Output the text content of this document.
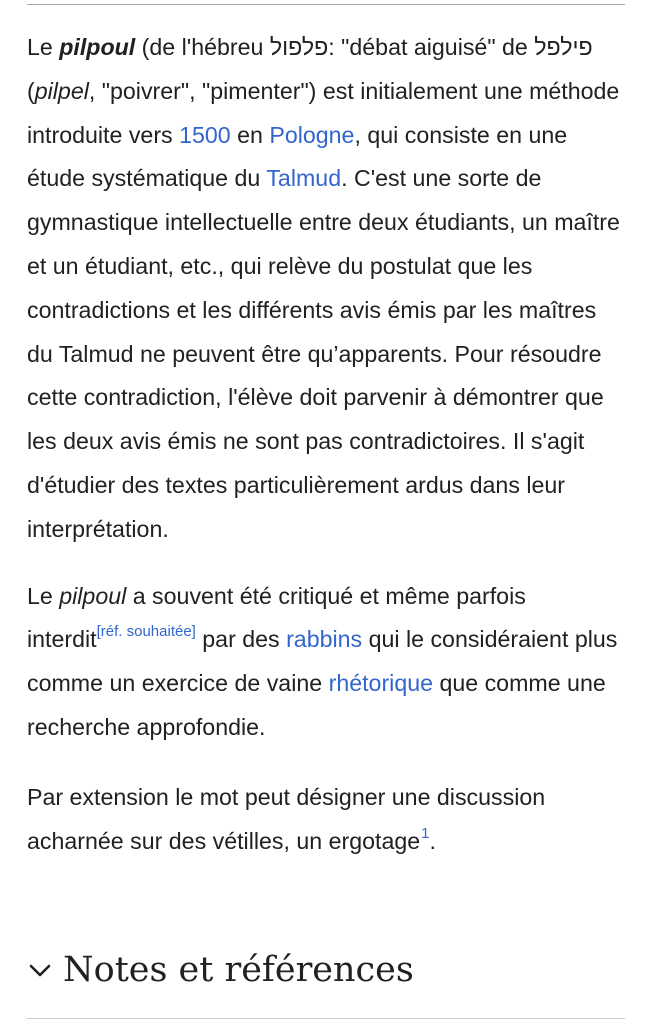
Le pilpoul (de l'hébreu פלפול: "débat aiguisé" de פילפל (pilpel, "poivrer", "pimenter") est initialement une méthode introduite vers 1500 en Pologne, qui consiste en une étude systématique du Talmud. C'est une sorte de gymnastique intellectuelle entre deux étudiants, un maître et un étudiant, etc., qui relève du postulat que les contradictions et les différents avis émis par les maîtres du Talmud ne peuvent être qu’apparents. Pour résoudre cette contradiction, l'élève doit parvenir à démontrer que les deux avis émis ne sont pas contradictoires. Il s'agit d'étudier des textes particulièrement ardus dans leur interprétation.

Le pilpoul a souvent été critiqué et même parfois interdit[réf. souhaitée] par des rabbins qui le considéraient plus comme un exercice de vaine rhétorique que comme une recherche approfondie.

Par extension le mot peut désigner une discussion acharnée sur des vétilles, un ergotage$^1$.

Notes et références
